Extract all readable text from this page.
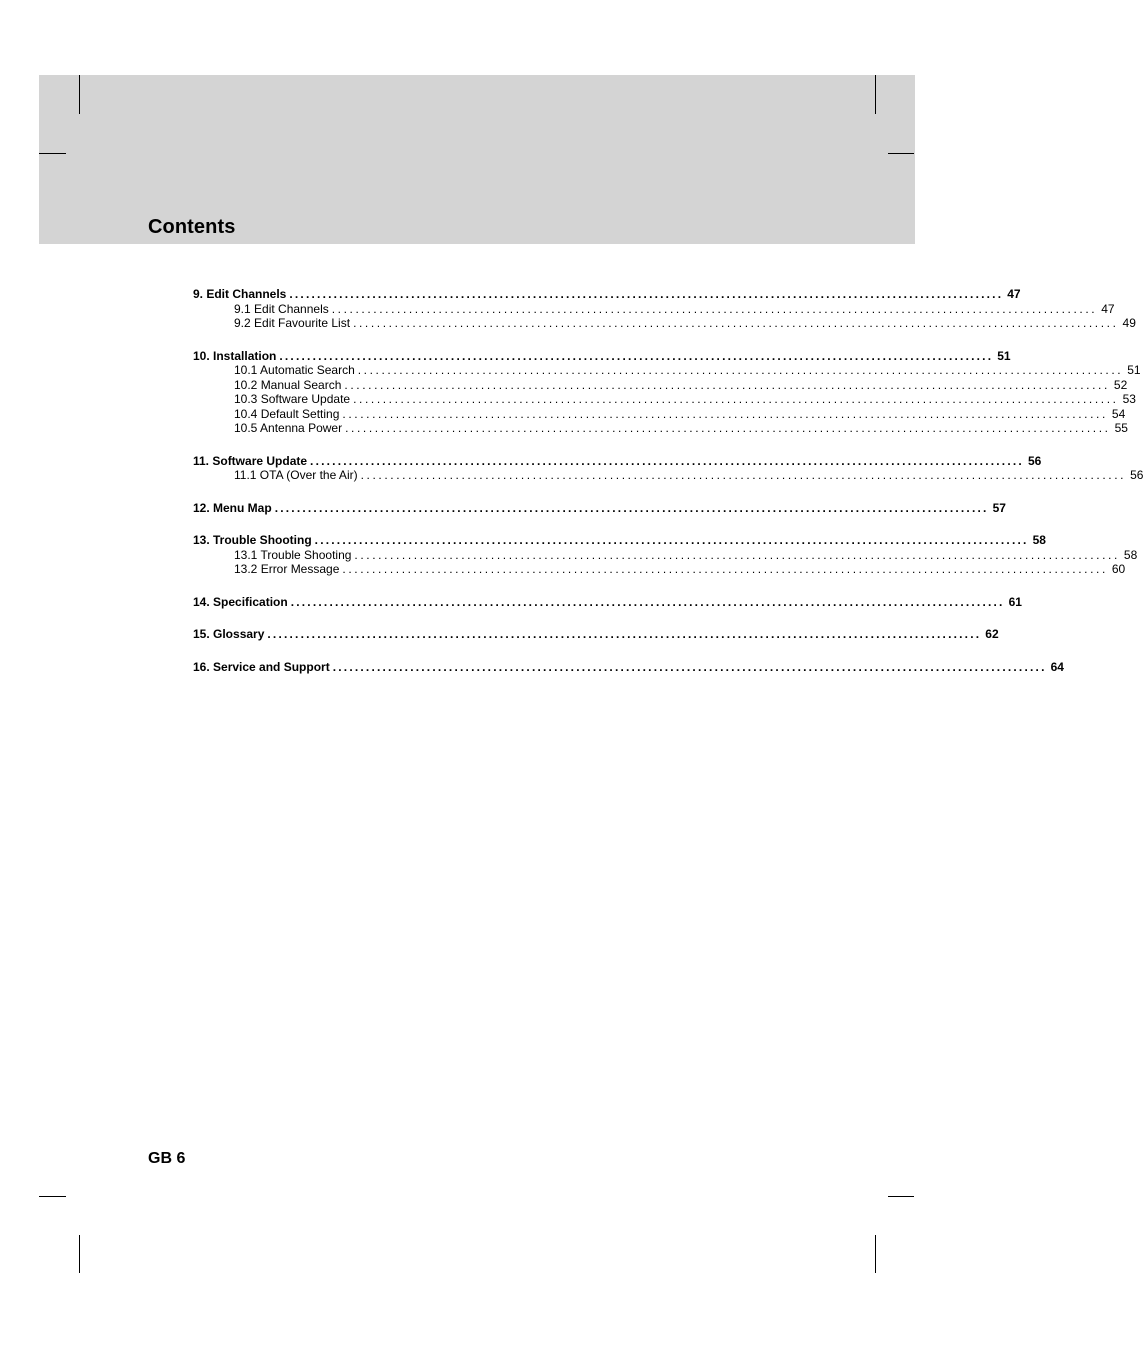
Contents
9. Edit Channels ................................................................................................................................. 47
9.1 Edit Channels ................................................................................................................................. 47
9.2 Edit Favourite List ................................................................................................................................. 49
10. Installation ................................................................................................................................. 51
10.1 Automatic Search ................................................................................................................................. 51
10.2 Manual Search ................................................................................................................................. 52
10.3 Software Update ................................................................................................................................. 53
10.4 Default Setting ................................................................................................................................. 54
10.5 Antenna Power ................................................................................................................................. 55
11. Software Update ................................................................................................................................. 56
11.1 OTA (Over the Air) ................................................................................................................................. 56
12. Menu Map ................................................................................................................................. 57
13. Trouble Shooting ................................................................................................................................. 58
13.1 Trouble Shooting ................................................................................................................................. 58
13.2 Error Message ................................................................................................................................. 60
14. Specification ................................................................................................................................. 61
15. Glossary ................................................................................................................................. 62
16. Service and Support ................................................................................................................................. 64
GB 6
